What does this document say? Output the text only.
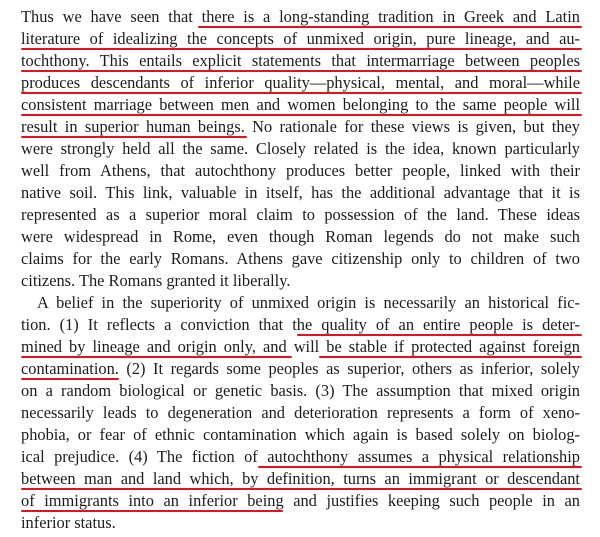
Thus we have seen that there is a long-standing tradition in Greek and Latin
literature of idealizing the concepts of unmixed origin, pure lineage, and au-
tochthony. This entails explicit statements that intermarriage between peoples
produces descendants of inferior quality—physical, mental, and moral—while
consistent marriage between men and women belonging to the same people will
result in superior human beings. No rationale for these views is given, but they
were strongly held all the same. Closely related is the idea, known particularly
well from Athens, that autochthony produces better people, linked with their
native soil. This link, valuable in itself, has the additional advantage that it is
represented as a superior moral claim to possession of the land. These ideas
were widespread in Rome, even though Roman legends do not make such
claims for the early Romans. Athens gave citizenship only to children of two
citizens. The Romans granted it liberally.
A belief in the superiority of unmixed origin is necessarily an historical fic-
tion. (1) It reflects a conviction that the quality of an entire people is deter-
mined by lineage and origin only, and will be stable if protected against foreign
contamination. (2) It regards some peoples as superior, others as inferior, solely
on a random biological or genetic basis. (3) The assumption that mixed origin
necessarily leads to degeneration and deterioration represents a form of xeno-
phobia, or fear of ethnic contamination which again is based solely on biolog-
ical prejudice. (4) The fiction of autochthony assumes a physical relationship
between man and land which, by definition, turns an immigrant or descendant
of immigrants into an inferior being and justifies keeping such people in an
inferior status.
